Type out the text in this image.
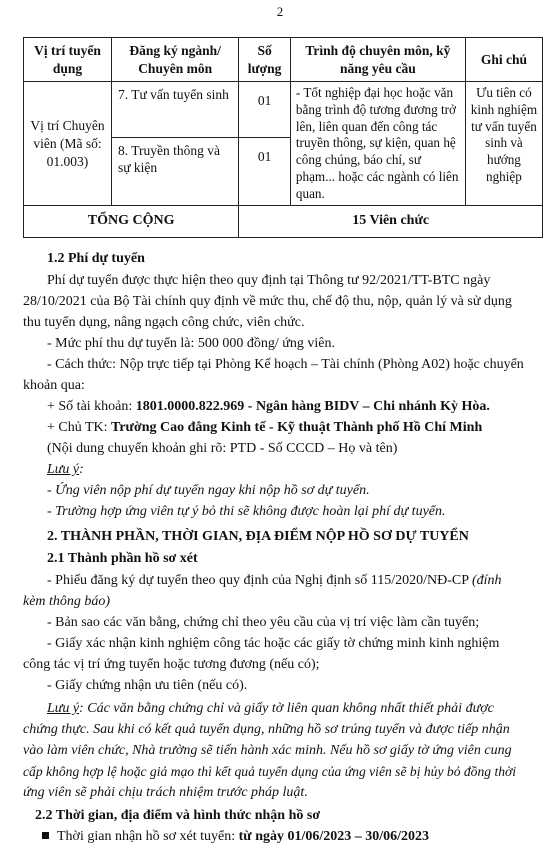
2
Vị trí tuyển dụng	Đăng ký ngành/ Chuyên môn	Số lượng	Trình độ chuyên môn, kỹ năng yêu cầu	Ghi chú
Vị trí Chuyên viên (Mã số: 01.003)	7. Tư vấn tuyển sinh	01	- Tốt nghiệp đại học hoặc văn bằng trình độ tương đương trở lên, liên quan đến công tác truyền thông, sự kiện, quan hệ công chúng, báo chí, sư phạm... hoặc các ngành có liên quan.	Ưu tiên có kinh nghiệm tư vấn tuyển sinh và hướng nghiệp
	8. Truyền thông và sự kiện	01		
TỔNG CỘNG		15 Viên chức		
1.2 Phí dự tuyển
Phí dự tuyển được thực hiện theo quy định tại Thông tư 92/2021/TT-BTC ngày
28/10/2021 của Bộ Tài chính quy định về mức thu, chế độ thu, nộp, quản lý và sử dụng
thu tuyển dụng, nâng ngạch công chức, viên chức.
- Mức phí thu dự tuyển là: 500 000 đồng/ ứng viên.
- Cách thức: Nộp trực tiếp tại Phòng Kế hoạch – Tài chính (Phòng A02) hoặc chuyển
khoản qua:
+ Số tài khoản: 1801.0000.822.969 - Ngân hàng BIDV – Chi nhánh Kỳ Hòa.
+ Chủ TK: Trường Cao đẳng Kinh tế - Kỹ thuật Thành phố Hồ Chí Minh
(Nội dung chuyển khoản ghi rõ: PTD - Số CCCD – Họ và tên)
Lưu ý:
- Ứng viên nộp phí dự tuyển ngay khi nộp hồ sơ dự tuyển.
- Trường hợp ứng viên tự ý bỏ thi sẽ không được hoàn lại phí dự tuyển.
2. THÀNH PHẦN, THỜI GIAN, ĐỊA ĐIỂM NỘP HỒ SƠ DỰ TUYỂN
2.1 Thành phần hồ sơ xét
- Phiếu đăng ký dự tuyển theo quy định của Nghị định số 115/2020/NĐ-CP (đính
kèm thông báo)
- Bản sao các văn bằng, chứng chỉ theo yêu cầu của vị trí việc làm cần tuyển;
- Giấy xác nhận kinh nghiệm công tác hoặc các giấy tờ chứng minh kinh nghiệm
công tác vị trí ứng tuyển hoặc tương đương (nếu có);
- Giấy chứng nhận ưu tiên (nếu có).
Lưu ý: Các văn bằng chứng chỉ và giấy tờ liên quan không nhất thiết phải được
chứng thực. Sau khi có kết quả tuyển dụng, những hồ sơ trúng tuyển và được tiếp nhận
vào làm viên chức, Nhà trường sẽ tiến hành xác minh. Nếu hồ sơ giấy tờ ứng viên cung
cấp không hợp lệ hoặc giả mạo thì kết quả tuyển dụng của ứng viên sẽ bị hủy bỏ đồng thời
ứng viên sẽ phải chịu trách nhiệm trước pháp luật.
2.2 Thời gian, địa điểm và hình thức nhận hồ sơ
Thời gian nhận hồ sơ xét tuyển: từ ngày 01/06/2023 – 30/06/2023
